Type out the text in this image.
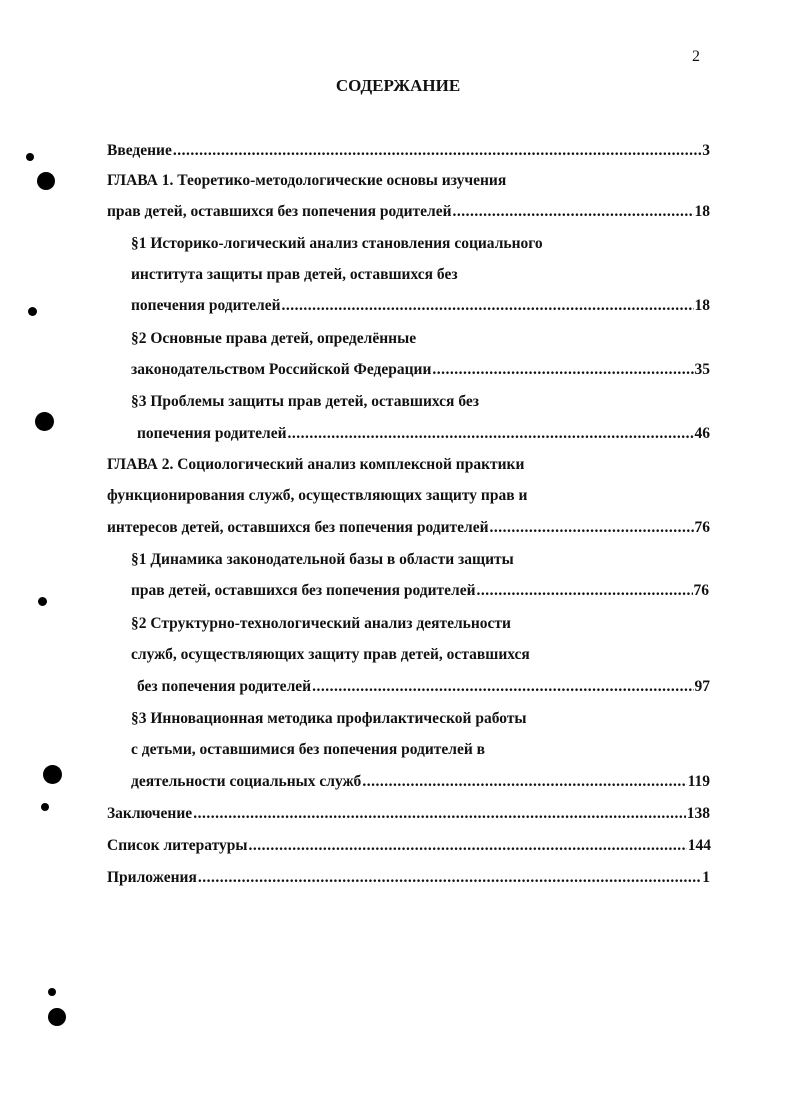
2
СОДЕРЖАНИЕ
Введение .....	3
ГЛАВА 1. Теоретико-методологические основы изучения
прав детей, оставшихся без попечения родителей .....	18
§1 Историко-логический анализ становления социального
института защиты прав детей, оставшихся без
попечения родителей .....	18
§2 Основные права детей, определённые
законодательством Российской Федерации .....	35
§3 Проблемы защиты прав детей, оставшихся без
попечения родителей .....	46
ГЛАВА 2. Социологический анализ комплексной практики
функционирования служб, осуществляющих защиту прав и
интересов детей, оставшихся без попечения родителей .....	76
§1 Динамика законодательной базы в области защиты
прав детей, оставшихся без попечения родителей .....	76
§2 Структурно-технологический анализ деятельности
служб, осуществляющих защиту прав детей, оставшихся
без попечения родителей .....	97
§3 Инновационная методика профилактической работы
с детьми, оставшимися без попечения родителей в
деятельности социальных служб .....	119
Заключение .....	138
Список литературы .....	144
Приложения .....	1
